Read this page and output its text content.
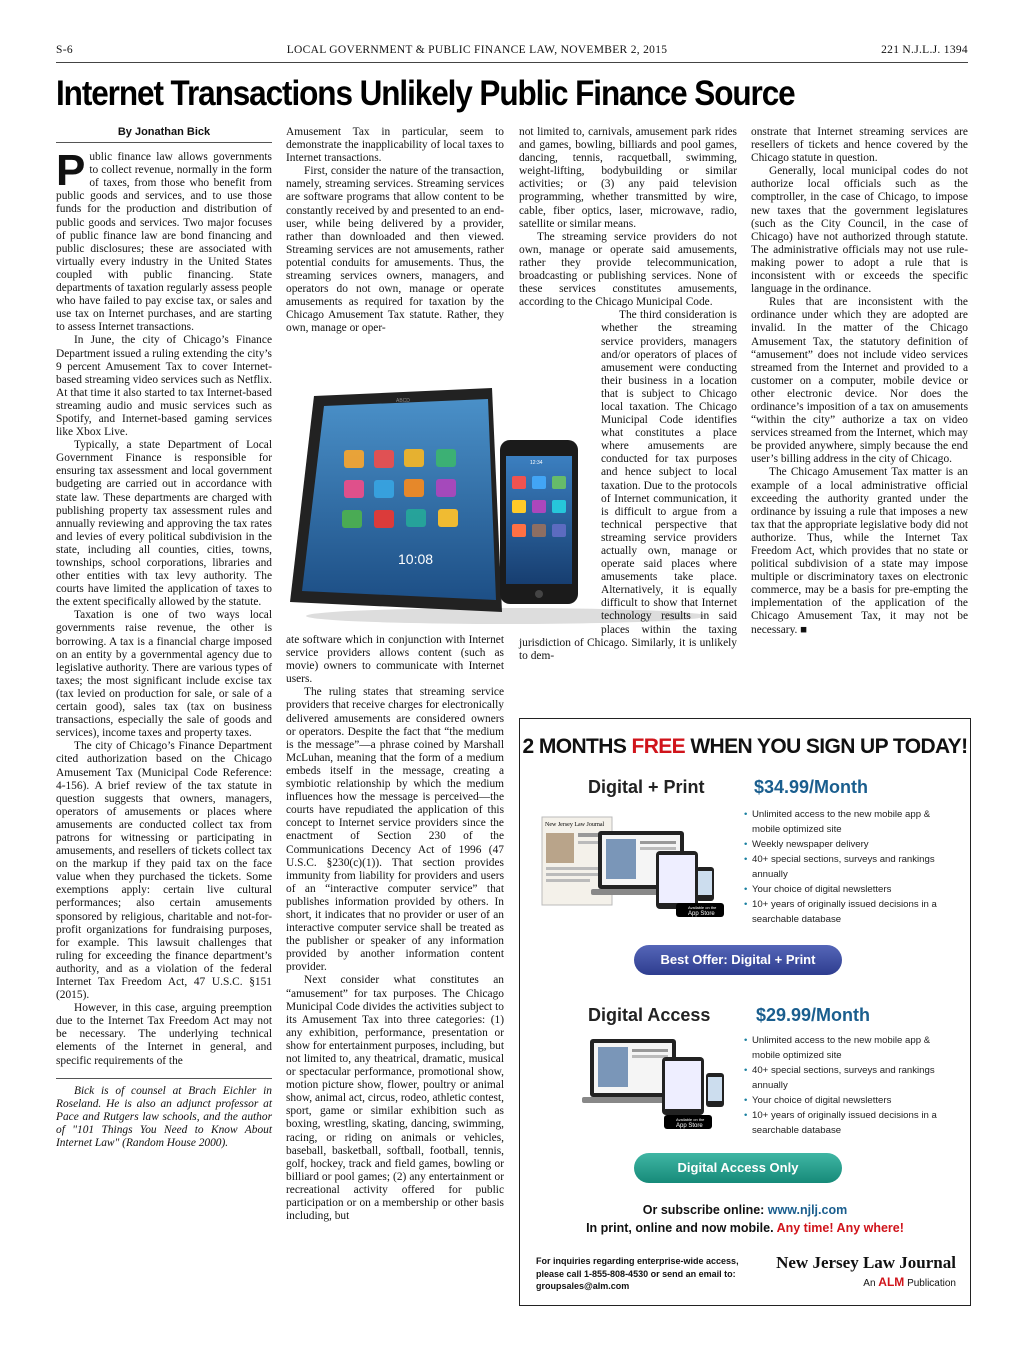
S-6	LOCAL GOVERNMENT & PUBLIC FINANCE LAW, NOVEMBER 2, 2015	221 N.J.L.J. 1394
Internet Transactions Unlikely Public Finance Source
By Jonathan Bick
P ublic finance law allows governments to collect revenue, normally in the form of taxes, from those who benefit from public goods and services, and to use those funds for the production and distribution of public goods and services. Two major focuses of public finance law are bond financing and public disclosures; these are associated with virtually every industry in the United States coupled with public financing. State departments of taxation regularly assess people who have failed to pay excise tax, or sales and use tax on Internet purchases, and are starting to assess Internet transactions.

In June, the city of Chicago’s Finance Department issued a ruling extending the city’s 9 percent Amusement Tax to cover Internet-based streaming video services such as Netflix. At that time it also started to tax Internet-based streaming audio and music services such as Spotify, and Internet-based gaming services like Xbox Live.

Typically, a state Department of Local Government Finance is responsible for ensuring tax assessment and local government budgeting are carried out in accordance with state law. These departments are charged with publishing property tax assessment rules and annually reviewing and approving the tax rates and levies of every political subdivision in the state, including all counties, cities, towns, townships, school corporations, libraries and other entities with tax levy authority. The courts have limited the application of taxes to the extent specifically allowed by the statute.

Taxation is one of two ways local governments raise revenue, the other is borrowing. A tax is a financial charge imposed on an entity by a governmental agency due to legislative authority. There are various types of taxes; the most significant include excise tax (tax levied on production for sale, or sale of a certain good), sales tax (tax on business transactions, especially the sale of goods and services), income taxes and property taxes.

The city of Chicago’s Finance Department cited authorization based on the Chicago Amusement Tax (Municipal Code Reference: 4-156). A brief review of the tax statute in question suggests that owners, managers, operators of amusements or places where amusements are conducted collect tax from patrons for witnessing or participating in amusements, and resellers of tickets collect tax on the markup if they paid tax on the face value when they purchased the tickets. Some exemptions apply: certain live cultural performances; also certain amusements sponsored by religious, charitable and not-for-profit organizations for fundraising purposes, for example. This lawsuit challenges that ruling for exceeding the finance department’s authority, and as a violation of the federal Internet Tax Freedom Act, 47 U.S.C. §151 (2015).

However, in this case, arguing preemption due to the Internet Tax Freedom Act may not be necessary. The underlying technical elements of the Internet in general, and specific requirements of the

Bick is of counsel at Brach Eichler in Roseland. He is also an adjunct professor at Pace and Rutgers law schools, and the author of "101 Things You Need to Know About Internet Law" (Random House 2000).

Amusement Tax in particular, seem to demonstrate the inapplicability of local taxes to Internet transactions.

First, consider the nature of the transaction, namely, streaming services. Streaming services are software programs that allow content to be constantly received by and presented to an end-user, while being delivered by a provider, rather than downloaded and then viewed. Streaming services are not amusements, rather potential conduits for amusements. Thus, the streaming services owners, managers, and operators do not own, manage or operate amusements as required for taxation by the Chicago Amusement Tax statute. Rather, they own, manage or oper-

ABCD
10:08
12:34

ate software which in conjunction with Internet service providers allows content (such as movie) owners to communicate with Internet users.

The ruling states that streaming service providers that receive charges for electronically delivered amusements are considered owners or operators. Despite the fact that “the medium is the message”—a phrase coined by Marshall McLuhan, meaning that the form of a medium embeds itself in the message, creating a symbiotic relationship by which the medium influences how the message is perceived—the courts have repudiated the application of this concept to Internet service providers since the enactment of Section 230 of the Communications Decency Act of 1996 (47 U.S.C. §230(c)(1)). That section provides immunity from liability for providers and users of an “interactive computer service” that publishes information provided by others. In short, it indicates that no provider or user of an interactive computer service shall be treated as the publisher or speaker of any information provided by another information content provider.

Next consider what constitutes an “amusement” for tax purposes. The Chicago Municipal Code divides the activities subject to its Amusement Tax into three categories: (1) any exhibition, performance, presentation or show for entertainment purposes, including, but not limited to, any theatrical, dramatic, musical or spectacular performance, promotional show, motion picture show, flower, poultry or animal show, animal act, circus, rodeo, athletic contest, sport, game or similar exhibition such as boxing, wrestling, skating, dancing, swimming, racing, or riding on animals or vehicles, baseball, basketball, softball, football, tennis, golf, hockey, track and field games, bowling or billiard or pool games; (2) any entertainment or recreational activity offered for public participation or on a membership or other basis including, but

not limited to, carnivals, amusement park rides and games, bowling, billiards and pool games, dancing, tennis, racquetball, swimming, weight-lifting, bodybuilding or similar activities; or (3) any paid television programming, whether transmitted by wire, cable, fiber optics, laser, microwave, radio, satellite or similar means.

The streaming service providers do not own, manage or operate said amusements, rather they provide telecommunication, broadcasting or publishing services. None of these services constitutes amusements, according to the Chicago Municipal Code.

The third consideration is whether the streaming service providers, managers and/or operators of places of amusement were conducting their business in a location that is subject to Chicago local taxation. The Chicago Municipal Code identifies what constitutes a place where amusements are conducted for tax purposes and hence subject to local taxation. Due to the protocols of Internet communication, it is difficult to argue from a technical perspective that streaming service providers actually own, manage or operate said places where amusements take place. Alternatively, it is equally difficult to show that Internet technology results in said places within the taxing jurisdiction of Chicago. Similarly, it is unlikely to dem-

onstrate that Internet streaming services are resellers of tickets and hence covered by the Chicago statute in question.

Generally, local municipal codes do not authorize local officials such as the comptroller, in the case of Chicago, to impose new taxes that the government legislatures (such as the City Council, in the case of Chicago) have not authorized through statute. The administrative officials may not use rule-making power to adopt a rule that is inconsistent with or exceeds the specific language in the ordinance.

Rules that are inconsistent with the ordinance under which they are adopted are invalid. In the matter of the Chicago Amusement Tax, the statutory definition of “amusement” does not include video services streamed from the Internet and provided to a customer on a computer, mobile device or other electronic device. Nor does the ordinance’s imposition of a tax on amusements “within the city” authorize a tax on video services streamed from the Internet, which may be provided anywhere, simply because the end user’s billing address in the city of Chicago.

The Chicago Amusement Tax matter is an example of a local administrative official exceeding the authority granted under the ordinance by issuing a rule that imposes a new tax that the appropriate legislative body did not authorize. Thus, while the Internet Tax Freedom Act, which provides that no state or political subdivision of a state may impose multiple or discriminatory taxes on electronic commerce, may be a basis for pre-empting the implementation of the application of the Chicago Amusement Tax, it may not be necessary. ■

2 MONTHS FREE WHEN YOU SIGN UP TODAY!
Digital + Print	$34.99/Month
New Jersey Law Journal
Available on the
App Store
• Unlimited access to the new mobile app & mobile optimized site
• Weekly newspaper delivery
• 40+ special sections, surveys and rankings annually
• Your choice of digital newsletters
• 10+ years of originally issued decisions in a searchable database
Best Offer: Digital + Print
Digital Access	$29.99/Month
Available on the
App Store
• Unlimited access to the new mobile app & mobile optimized site
• 40+ special sections, surveys and rankings annually
• Your choice of digital newsletters
• 10+ years of originally issued decisions in a searchable database
Digital Access Only
Or subscribe online: www.njlj.com
In print, online and now mobile. Any time! Any where!
For inquiries regarding enterprise-wide access, please call 1-855-808-4530 or send an email to: groupsales@alm.com
New Jersey Law Journal
An ALM Publication
